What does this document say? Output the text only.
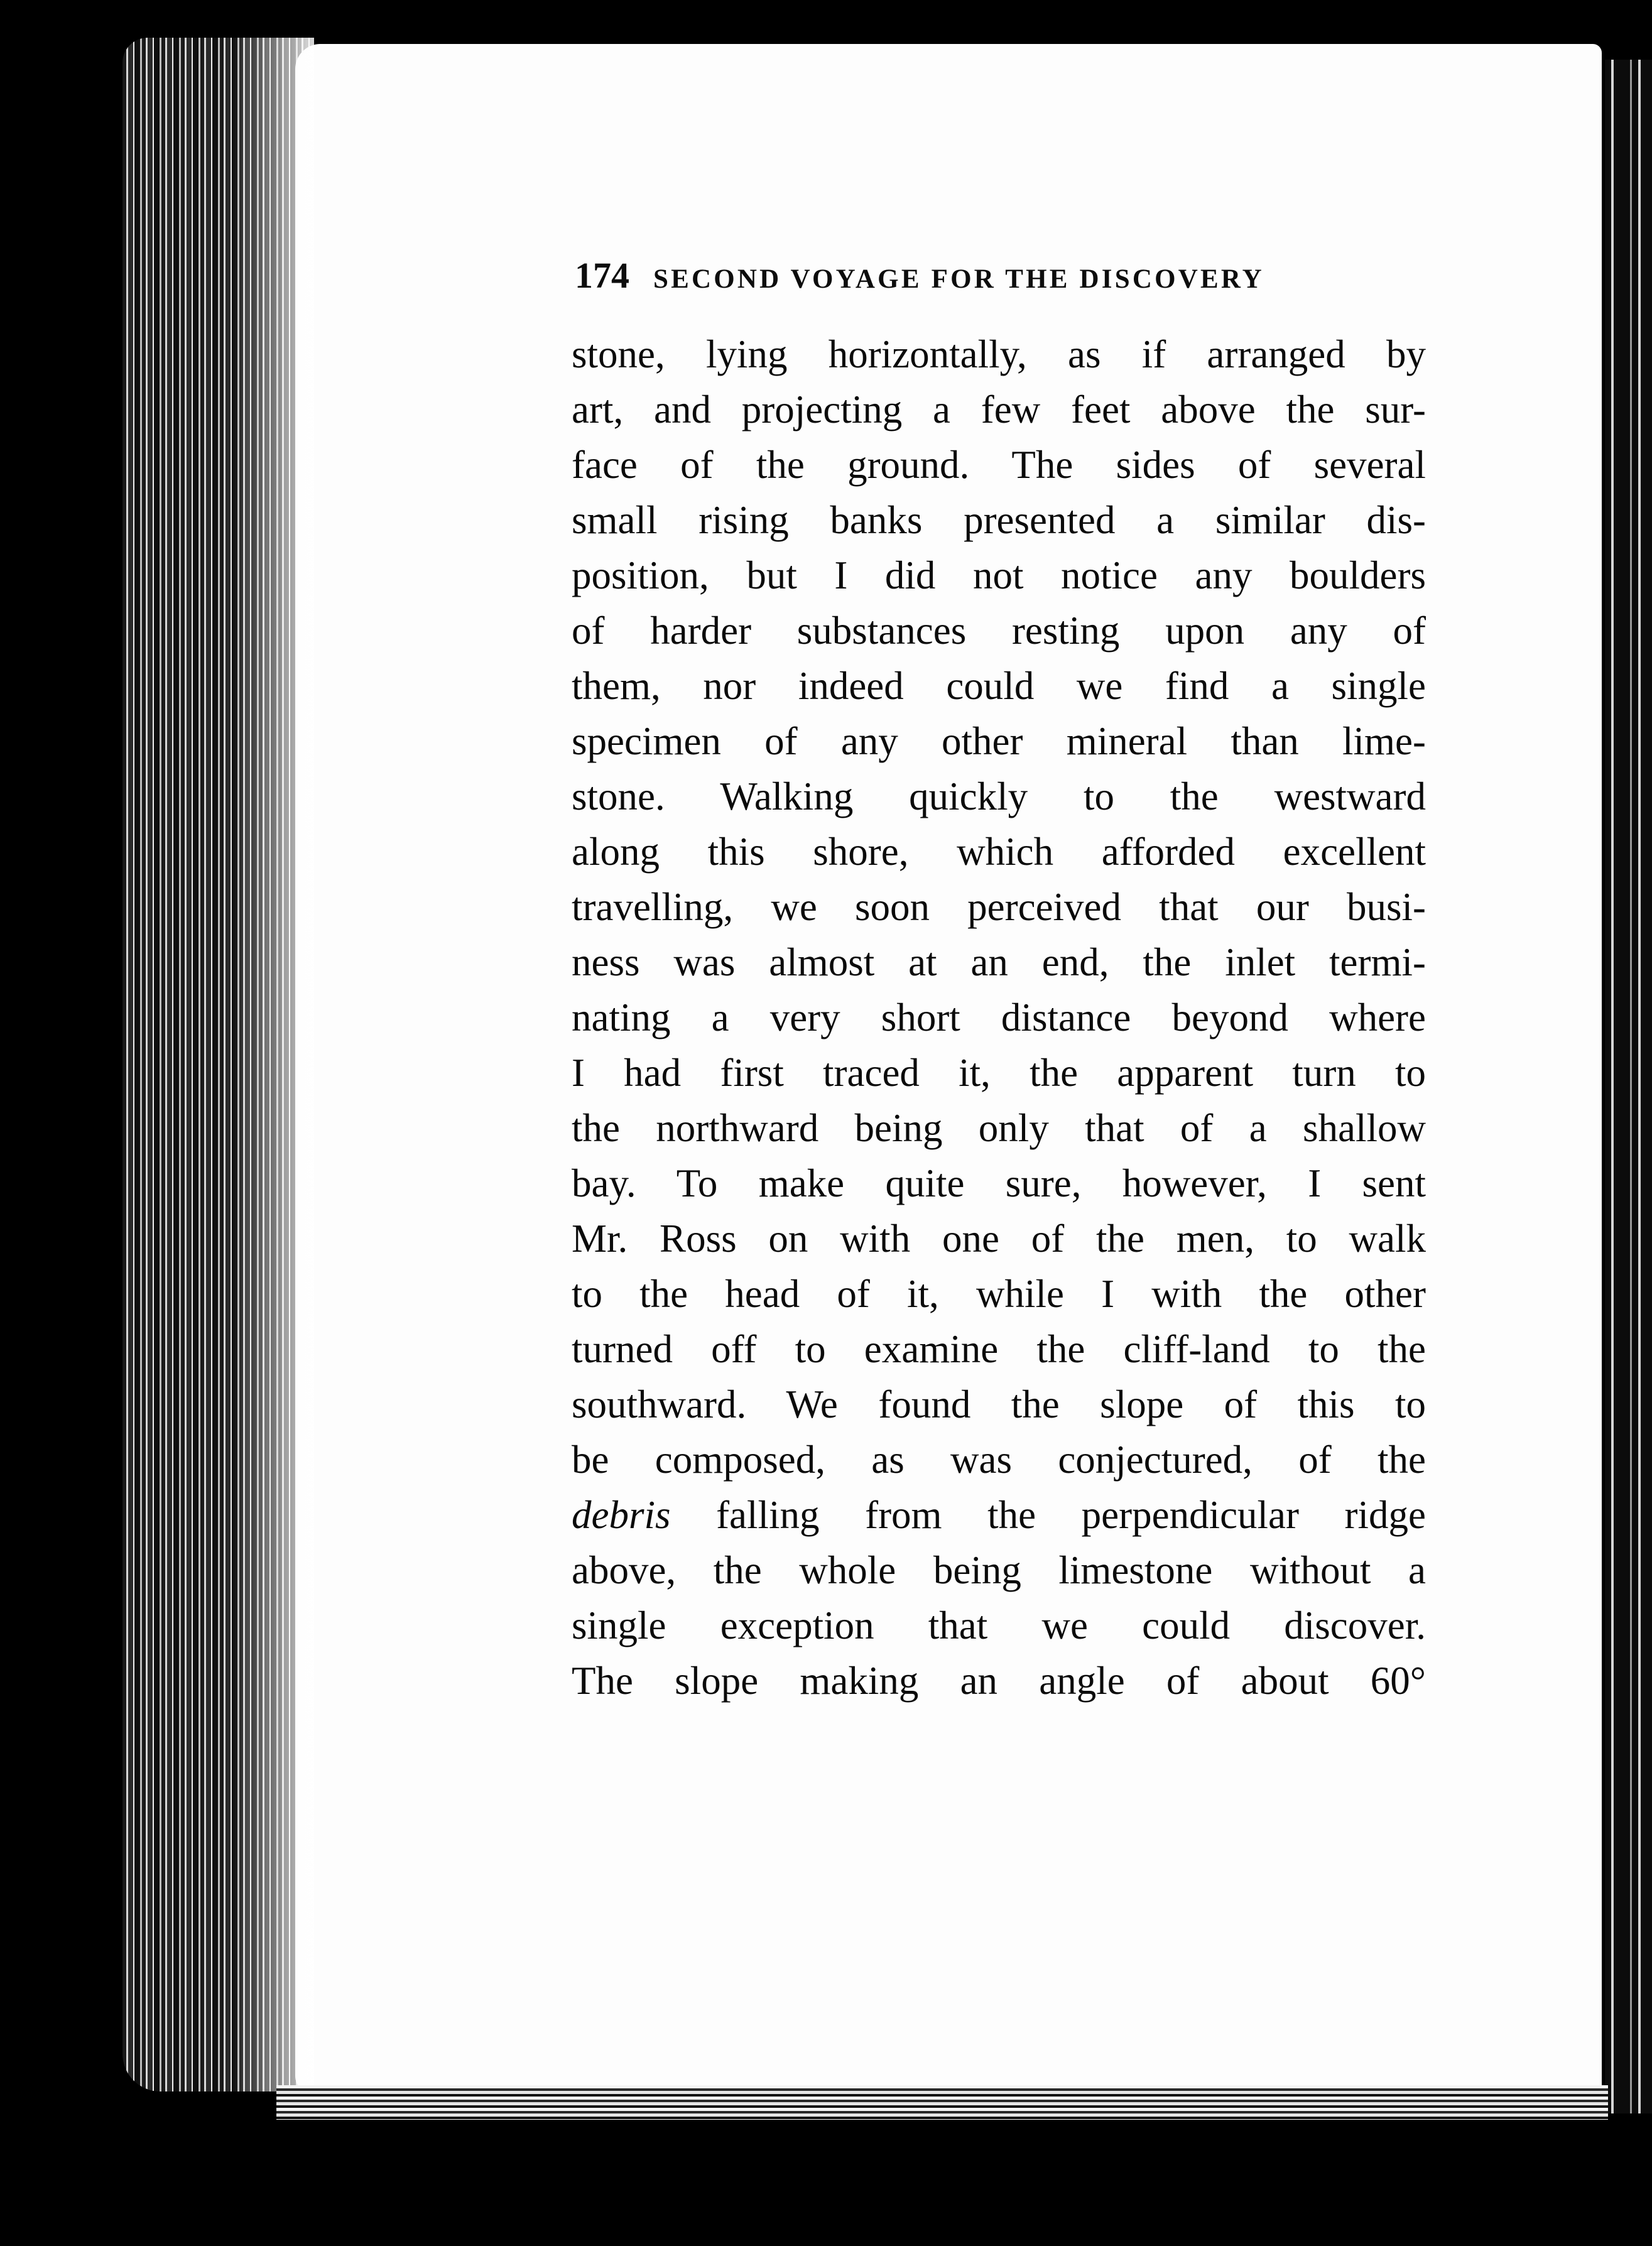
174 SECOND VOYAGE FOR THE DISCOVERY
stone, lying horizontally, as if arranged by
art, and projecting a few feet above the sur-
face of the ground. The sides of several
small rising banks presented a similar dis-
position, but I did not notice any boulders
of harder substances resting upon any of
them, nor indeed could we find a single
specimen of any other mineral than lime-
stone. Walking quickly to the westward
along this shore, which afforded excellent
travelling, we soon perceived that our busi-
ness was almost at an end, the inlet termi-
nating a very short distance beyond where
I had first traced it, the apparent turn to
the northward being only that of a shallow
bay. To make quite sure, however, I sent
Mr. Ross on with one of the men, to walk
to the head of it, while I with the other
turned off to examine the cliff-land to the
southward. We found the slope of this to
be composed, as was conjectured, of the
debris falling from the perpendicular ridge
above, the whole being limestone without a
single exception that we could discover.
The slope making an angle of about 60°
